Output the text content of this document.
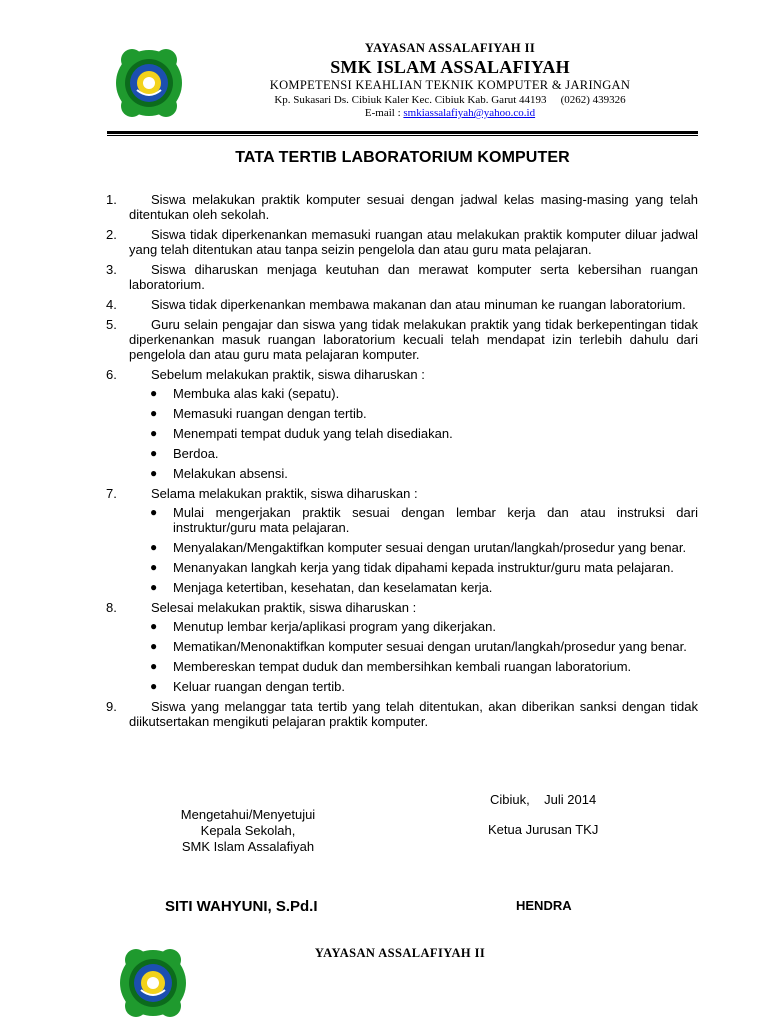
YAYASAN ASSALAFIYAH II
SMK ISLAM ASSALAFIYAH
KOMPETENSI KEAHLIAN TEKNIK KOMPUTER & JARINGAN
Kp. Sukasari Ds. Cibiuk Kaler Kec. Cibiuk Kab. Garut 44193   (0262) 439326
E-mail : smkiassalafiyah@yahoo.co.id
TATA TERTIB LABORATORIUM KOMPUTER
1.	Siswa melakukan praktik komputer sesuai dengan jadwal kelas masing-masing yang telah ditentukan oleh sekolah.
2.	Siswa tidak diperkenankan memasuki ruangan atau melakukan praktik komputer diluar jadwal yang telah ditentukan atau tanpa seizin pengelola dan atau guru mata pelajaran.
3.	Siswa diharuskan menjaga keutuhan dan merawat komputer serta kebersihan ruangan laboratorium.
4.	Siswa tidak diperkenankan membawa makanan dan atau minuman ke ruangan laboratorium.
5.	Guru selain pengajar dan siswa yang tidak melakukan praktik yang tidak berkepentingan tidak diperkenankan masuk ruangan laboratorium kecuali telah mendapat izin terlebih dahulu dari pengelola dan atau guru mata pelajaran komputer.
6.	Sebelum melakukan praktik, siswa diharuskan :
● Membuka alas kaki (sepatu).
● Memasuki ruangan dengan tertib.
● Menempati tempat duduk yang telah disediakan.
● Berdoa.
● Melakukan absensi.
7.	Selama melakukan praktik, siswa diharuskan :
● Mulai mengerjakan praktik sesuai dengan lembar kerja dan atau instruksi dari instruktur/guru mata pelajaran.
● Menyalakan/Mengaktifkan komputer sesuai dengan urutan/langkah/prosedur yang benar.
● Menanyakan langkah kerja yang tidak dipahami kepada instruktur/guru mata pelajaran.
● Menjaga ketertiban, kesehatan, dan keselamatan kerja.
8.	Selesai melakukan praktik, siswa diharuskan :
● Menutup lembar kerja/aplikasi program yang dikerjakan.
● Mematikan/Menonaktifkan komputer sesuai dengan urutan/langkah/prosedur yang benar.
● Membereskan tempat duduk dan membersihkan kembali ruangan laboratorium.
● Keluar ruangan dengan tertib.
9.	Siswa yang melanggar tata tertib yang telah ditentukan, akan diberikan sanksi dengan tidak diikutsertakan mengikuti pelajaran praktik komputer.
Cibiuk,    Juli 2014
Mengetahui/Menyetujui
Kepala Sekolah,
SMK Islam Assalafiyah
Ketua Jurusan TKJ
SITI WAHYUNI, S.Pd.I	HENDRA
YAYASAN ASSALAFIYAH II
